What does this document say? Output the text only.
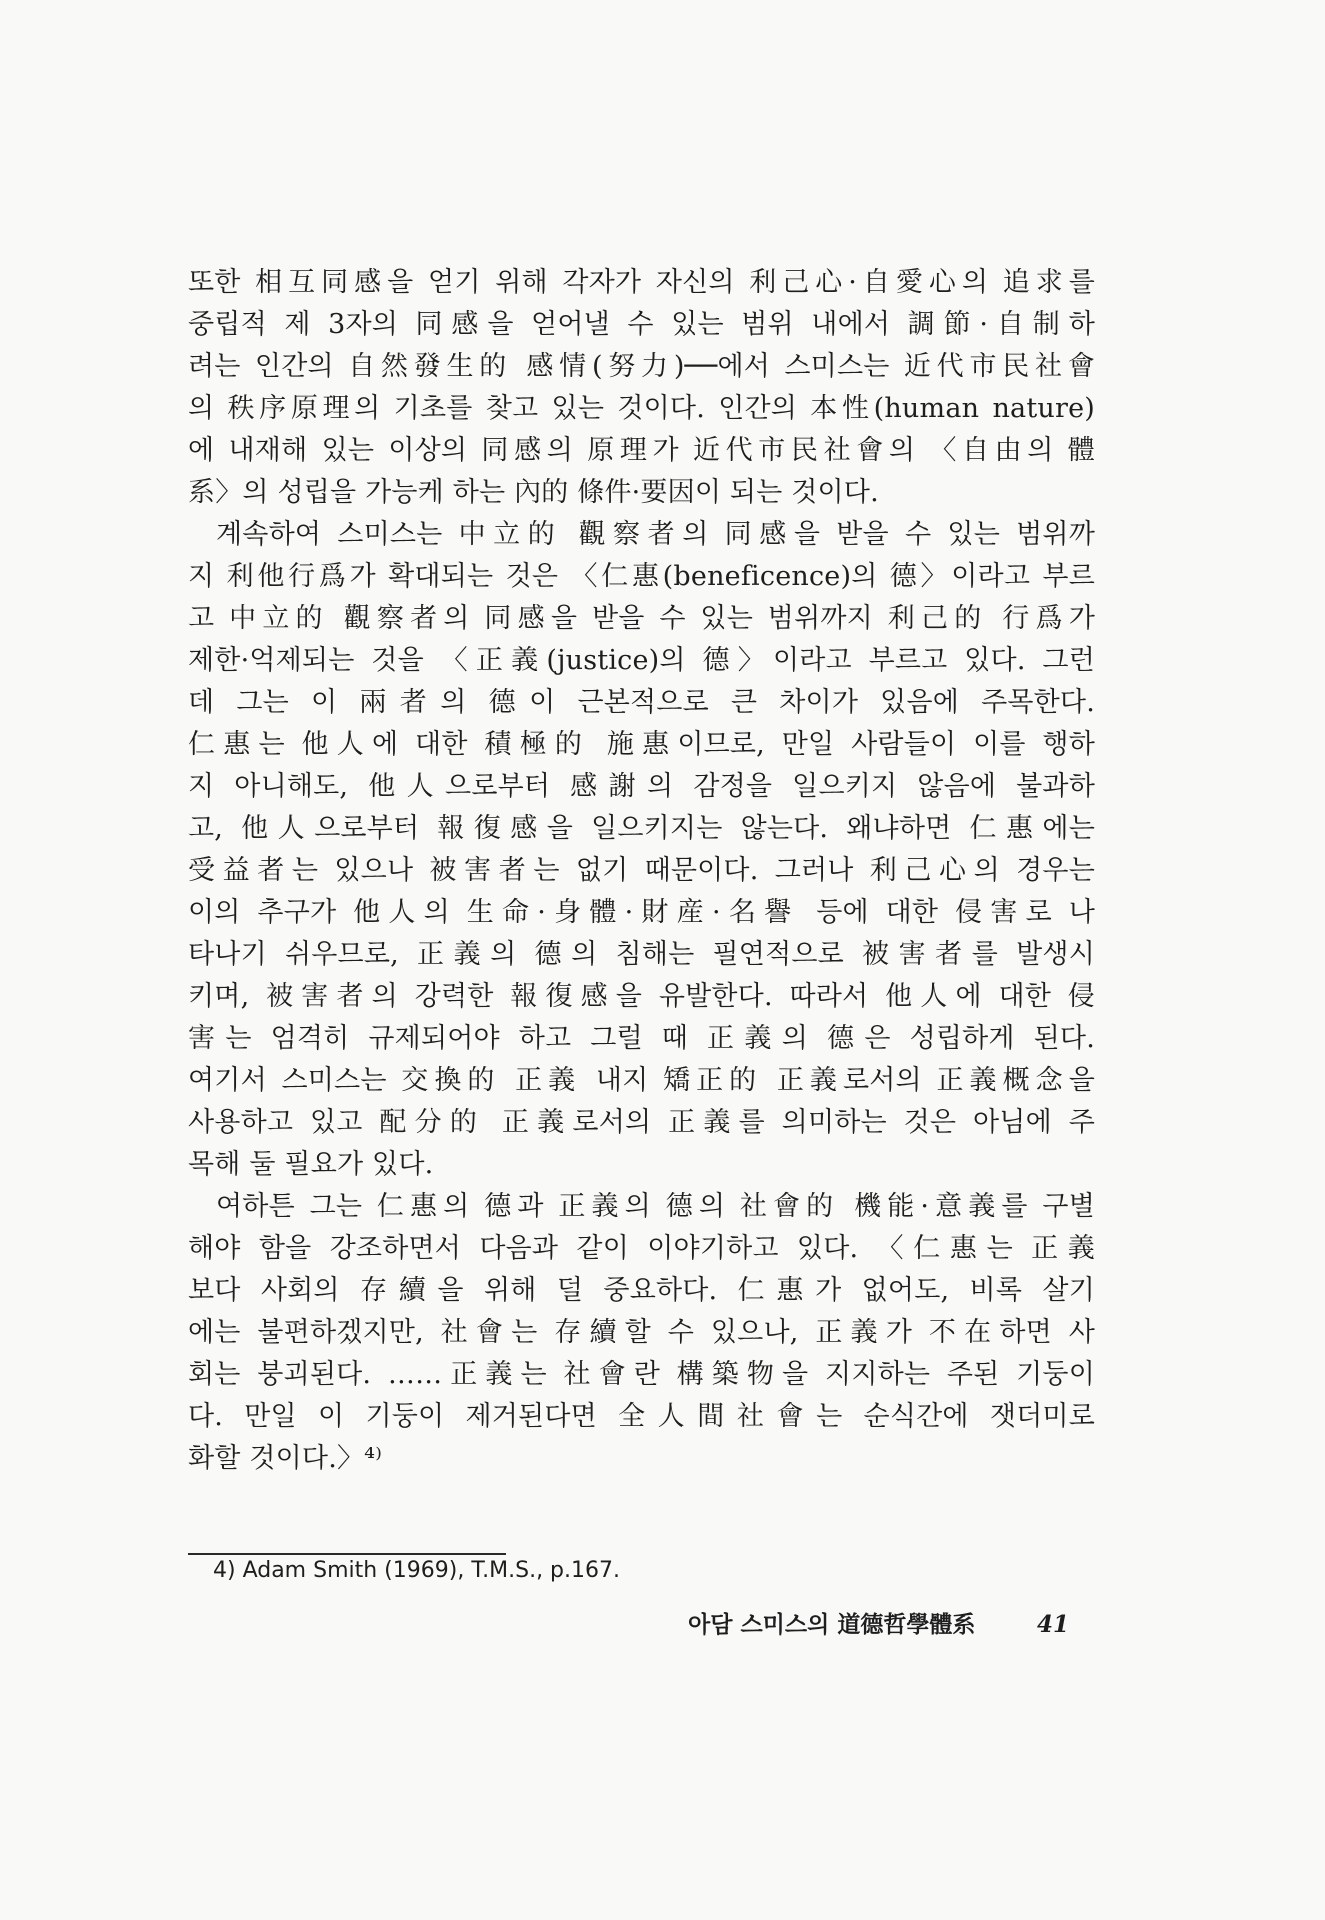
또한 相互同感을 얻기 위해 각자가 자신의 利己心·自愛心의 追求를
중립적 제 3자의 同感을 얻어낼 수 있는 범위 내에서 調節·自制하
려는 인간의 自然發生的 感情(努力)──에서 스미스는 近代市民社會
의 秩序原理의 기초를 찾고 있는 것이다. 인간의 本性(human nature)
에 내재해 있는 이상의 同感의 原理가 近代市民社會의 〈自由의 體
系〉의 성립을 가능케 하는 內的 條件·要因이 되는 것이다.
계속하여 스미스는 中立的 觀察者의 同感을 받을 수 있는 범위까
지 利他行爲가 확대되는 것은 〈仁惠(beneficence)의 德〉이라고 부르
고 中立的 觀察者의 同感을 받을 수 있는 범위까지 利己的 行爲가
제한·억제되는 것을 〈正義(justice)의 德〉이라고 부르고 있다. 그런
데 그는 이 兩者의 德이 근본적으로 큰 차이가 있음에 주목한다.
仁惠는 他人에 대한 積極的 施惠이므로, 만일 사람들이 이를 행하
지 아니해도, 他人으로부터 感謝의 감정을 일으키지 않음에 불과하
고, 他人으로부터 報復感을 일으키지는 않는다. 왜냐하면 仁惠에는
受益者는 있으나 被害者는 없기 때문이다. 그러나 利己心의 경우는
이의 추구가 他人의 生命·身體·財産·名譽 등에 대한 侵害로 나
타나기 쉬우므로, 正義의 德의 침해는 필연적으로 被害者를 발생시
키며, 被害者의 강력한 報復感을 유발한다. 따라서 他人에 대한 侵
害는 엄격히 규제되어야 하고 그럴 때 正義의 德은 성립하게 된다.
여기서 스미스는 交換的 正義 내지 矯正的 正義로서의 正義概念을
사용하고 있고 配分的 正義로서의 正義를 의미하는 것은 아님에 주
목해 둘 필요가 있다.
여하튼 그는 仁惠의 德과 正義의 德의 社會的 機能·意義를 구별
해야 함을 강조하면서 다음과 같이 이야기하고 있다. 〈仁惠는 正義
보다 사회의 存續을 위해 덜 중요하다. 仁惠가 없어도, 비록 살기
에는 불편하겠지만, 社會는 存續할 수 있으나, 正義가 不在하면 사
회는 붕괴된다. ……正義는 社會란 構築物을 지지하는 주된 기둥이
다. 만일 이 기둥이 제거된다면 全人間社會는 순식간에 잿더미로
화할 것이다.〉⁴⁾
4) Adam Smith (1969), T.M.S., p.167.
아담 스미스의 道德哲學體系	41
